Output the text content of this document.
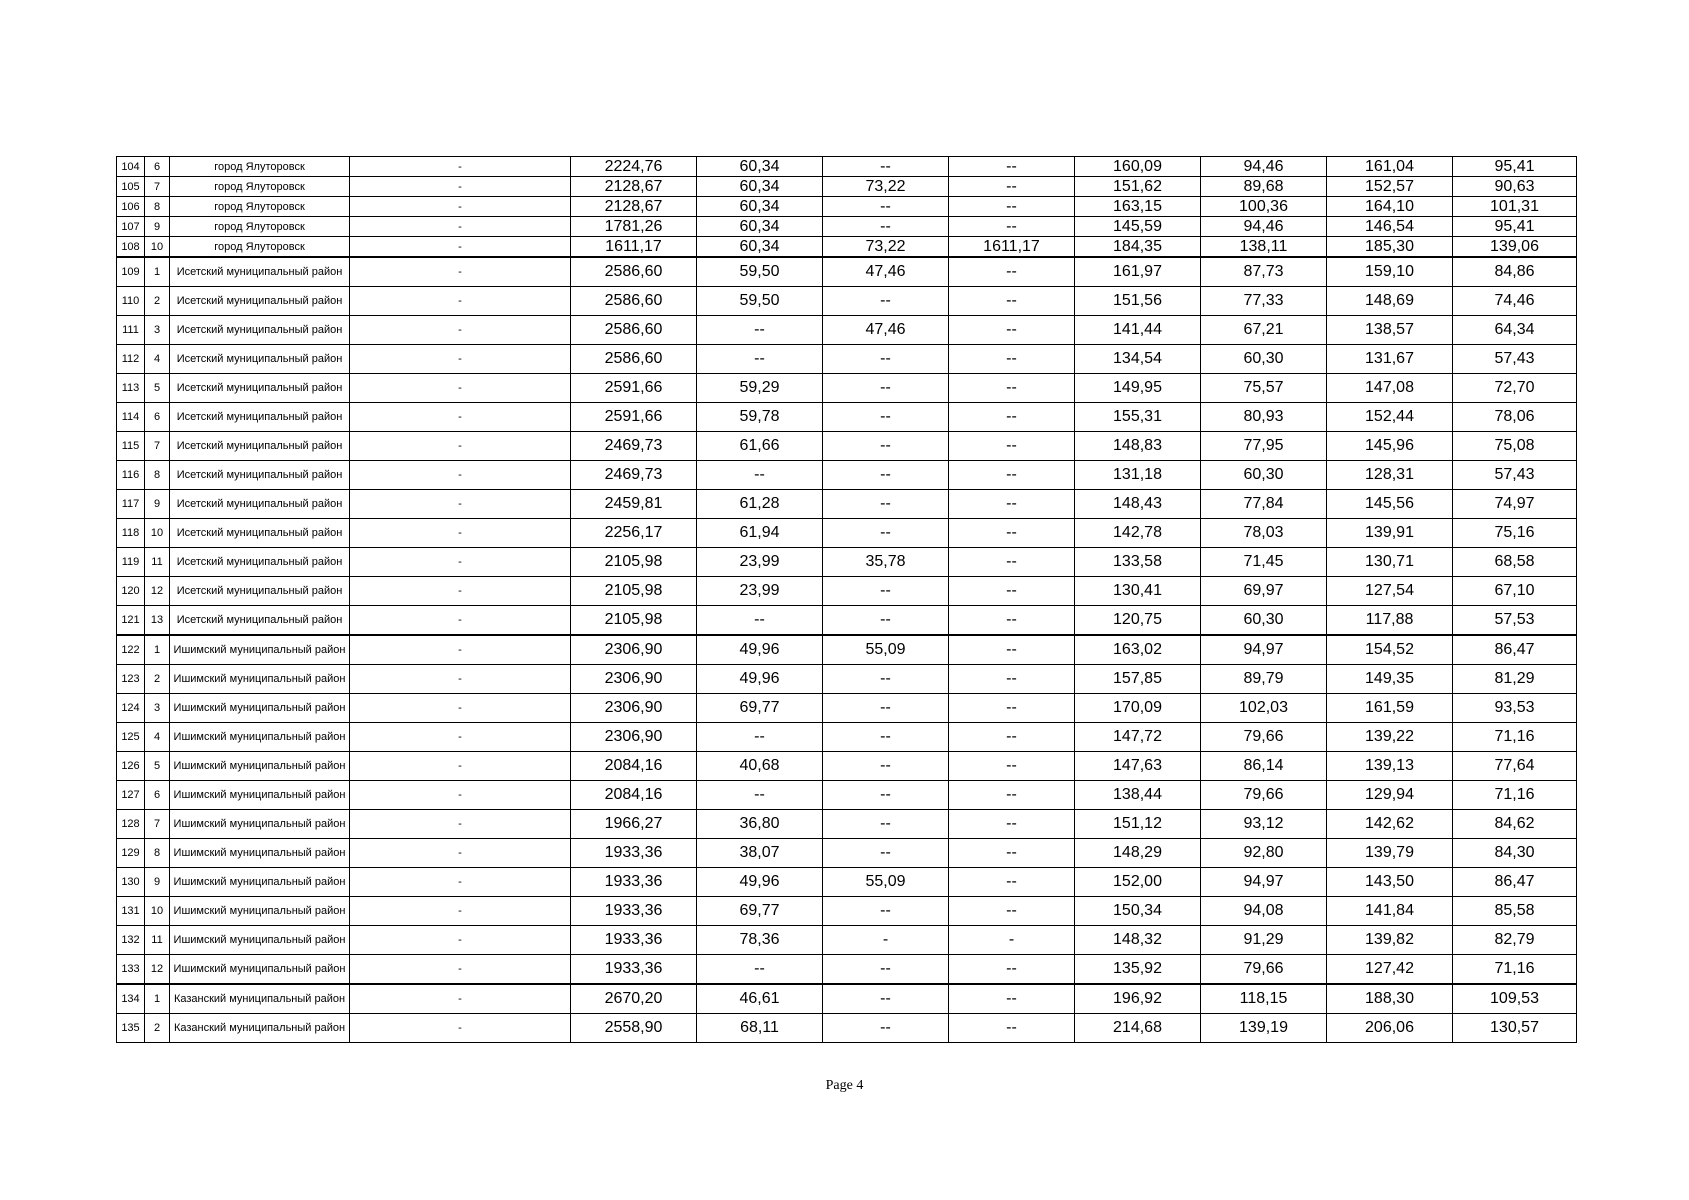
104	6	город Ялуторовск	-	2224,76	60,34	--	--	160,09	94,46	161,04	95,41
105	7	город Ялуторовск	-	2128,67	60,34	73,22	--	151,62	89,68	152,57	90,63
106	8	город Ялуторовск	-	2128,67	60,34	--	--	163,15	100,36	164,10	101,31
107	9	город Ялуторовск	-	1781,26	60,34	--	--	145,59	94,46	146,54	95,41
108	10	город Ялуторовск	-	1611,17	60,34	73,22	1611,17	184,35	138,11	185,30	139,06
109	1	Исетский муниципальный район	-	2586,60	59,50	47,46	--	161,97	87,73	159,10	84,86
110	2	Исетский муниципальный район	-	2586,60	59,50	--	--	151,56	77,33	148,69	74,46
111	3	Исетский муниципальный район	-	2586,60	--	47,46	--	141,44	67,21	138,57	64,34
112	4	Исетский муниципальный район	-	2586,60	--	--	--	134,54	60,30	131,67	57,43
113	5	Исетский муниципальный район	-	2591,66	59,29	--	--	149,95	75,57	147,08	72,70
114	6	Исетский муниципальный район	-	2591,66	59,78	--	--	155,31	80,93	152,44	78,06
115	7	Исетский муниципальный район	-	2469,73	61,66	--	--	148,83	77,95	145,96	75,08
116	8	Исетский муниципальный район	-	2469,73	--	--	--	131,18	60,30	128,31	57,43
117	9	Исетский муниципальный район	-	2459,81	61,28	--	--	148,43	77,84	145,56	74,97
118	10	Исетский муниципальный район	-	2256,17	61,94	--	--	142,78	78,03	139,91	75,16
119	11	Исетский муниципальный район	-	2105,98	23,99	35,78	--	133,58	71,45	130,71	68,58
120	12	Исетский муниципальный район	-	2105,98	23,99	--	--	130,41	69,97	127,54	67,10
121	13	Исетский муниципальный район	-	2105,98	--	--	--	120,75	60,30	117,88	57,53
122	1	Ишимский муниципальный район	-	2306,90	49,96	55,09	--	163,02	94,97	154,52	86,47
123	2	Ишимский муниципальный район	-	2306,90	49,96	--	--	157,85	89,79	149,35	81,29
124	3	Ишимский муниципальный район	-	2306,90	69,77	--	--	170,09	102,03	161,59	93,53
125	4	Ишимский муниципальный район	-	2306,90	--	--	--	147,72	79,66	139,22	71,16
126	5	Ишимский муниципальный район	-	2084,16	40,68	--	--	147,63	86,14	139,13	77,64
127	6	Ишимский муниципальный район	-	2084,16	--	--	--	138,44	79,66	129,94	71,16
128	7	Ишимский муниципальный район	-	1966,27	36,80	--	--	151,12	93,12	142,62	84,62
129	8	Ишимский муниципальный район	-	1933,36	38,07	--	--	148,29	92,80	139,79	84,30
130	9	Ишимский муниципальный район	-	1933,36	49,96	55,09	--	152,00	94,97	143,50	86,47
131	10	Ишимский муниципальный район	-	1933,36	69,77	--	--	150,34	94,08	141,84	85,58
132	11	Ишимский муниципальный район	-	1933,36	78,36	-	-	148,32	91,29	139,82	82,79
133	12	Ишимский муниципальный район	-	1933,36	--	--	--	135,92	79,66	127,42	71,16
134	1	Казанский муниципальный район	-	2670,20	46,61	--	--	196,92	118,15	188,30	109,53
135	2	Казанский муниципальный район	-	2558,90	68,11	--	--	214,68	139,19	206,06	130,57
Page 4
